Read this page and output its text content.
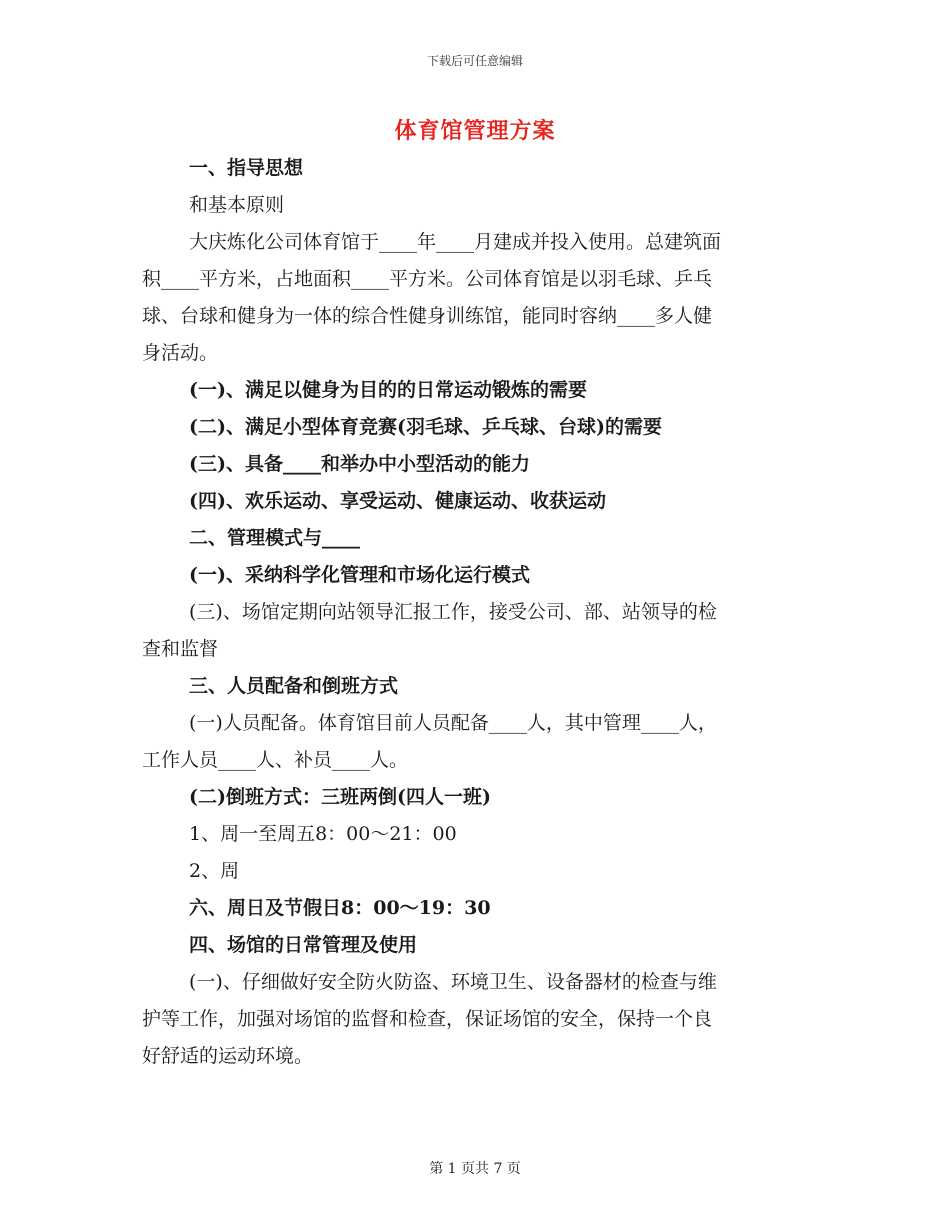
下载后可任意编辑
体育馆管理方案
一、指导思想
和基本原则
大庆炼化公司体育馆于____年____月建成并投入使用。总建筑面
积____平方米，占地面积____平方米。公司体育馆是以羽毛球、乒乓
球、台球和健身为一体的综合性健身训练馆，能同时容纳____多人健
身活动。
(一)、满足以健身为目的的日常运动锻炼的需要
(二)、满足小型体育竞赛(羽毛球、乒乓球、台球)的需要
(三)、具备____和举办中小型活动的能力
(四)、欢乐运动、享受运动、健康运动、收获运动
二、管理模式与____
(一)、采纳科学化管理和市场化运行模式
(三)、场馆定期向站领导汇报工作，接受公司、部、站领导的检
查和监督
三、人员配备和倒班方式
(一)人员配备。体育馆目前人员配备____人，其中管理____人，
工作人员____人、补员____人。
(二)倒班方式：三班两倒(四人一班)
1、周一至周五8：00～21：00
2、周
六、周日及节假日8：00～19：30
四、场馆的日常管理及使用
(一)、仔细做好安全防火防盗、环境卫生、设备器材的检查与维
护等工作，加强对场馆的监督和检查，保证场馆的安全，保持一个良
好舒适的运动环境。
第 1 页共 7 页
